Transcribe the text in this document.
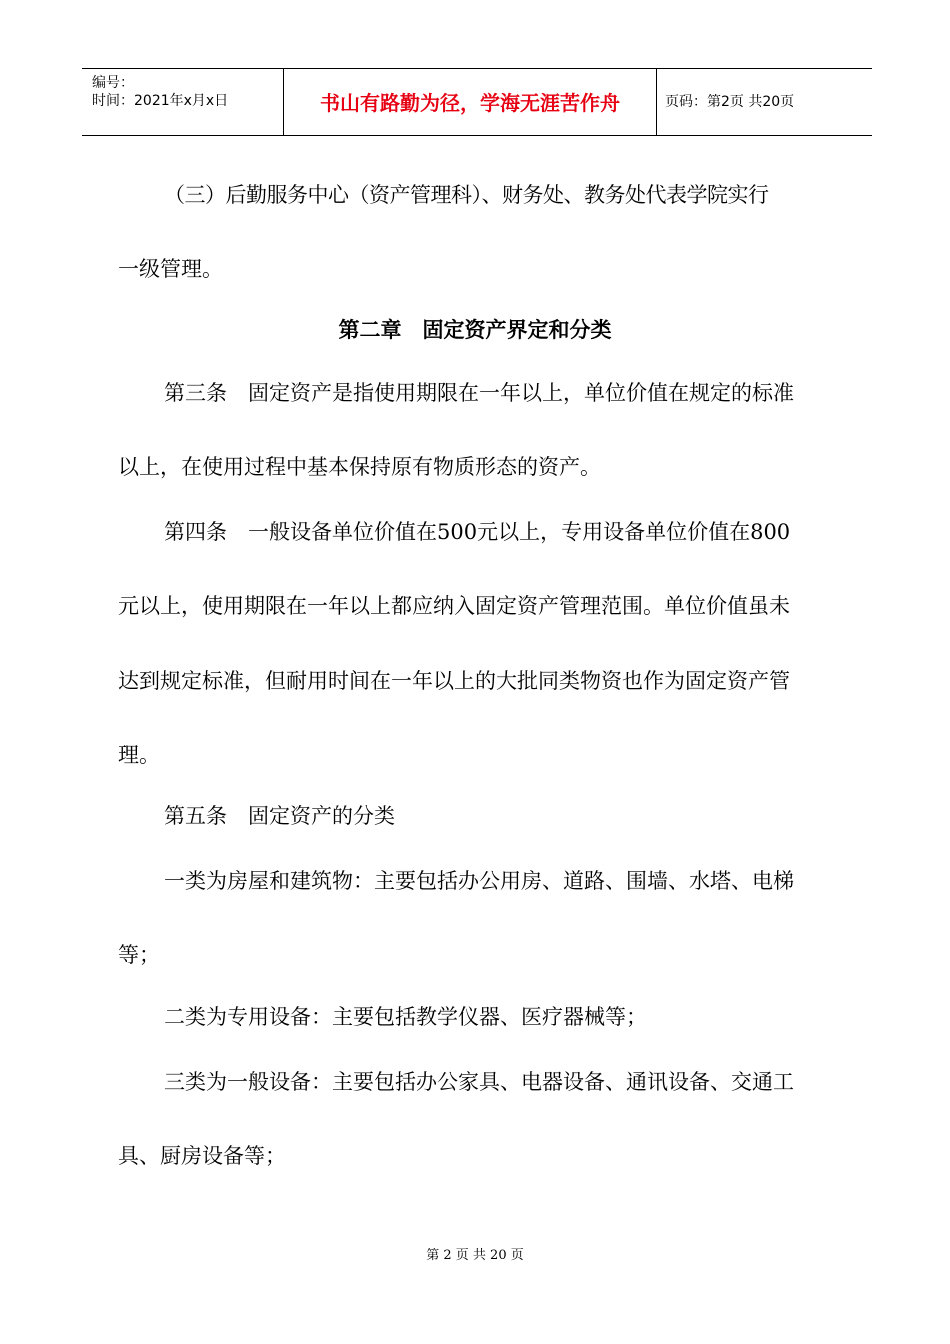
编号：
时间：2021年x月x日	书山有路勤为径，学海无涯苦作舟	页码：第2页 共20页
（三）后勤服务中心（资产管理科）、财务处、教务处代表学院实行
一级管理。
第二章　固定资产界定和分类
第三条　固定资产是指使用期限在一年以上，单位价值在规定的标准
以上，在使用过程中基本保持原有物质形态的资产。
第四条　一般设备单位价值在500元以上，专用设备单位价值在800
元以上，使用期限在一年以上都应纳入固定资产管理范围。单位价值虽未
达到规定标准，但耐用时间在一年以上的大批同类物资也作为固定资产管
理。
第五条　固定资产的分类
一类为房屋和建筑物：主要包括办公用房、道路、围墙、水塔、电梯
等；
二类为专用设备：主要包括教学仪器、医疗器械等；
三类为一般设备：主要包括办公家具、电器设备、通讯设备、交通工
具、厨房设备等；
第 2 页 共 20 页
